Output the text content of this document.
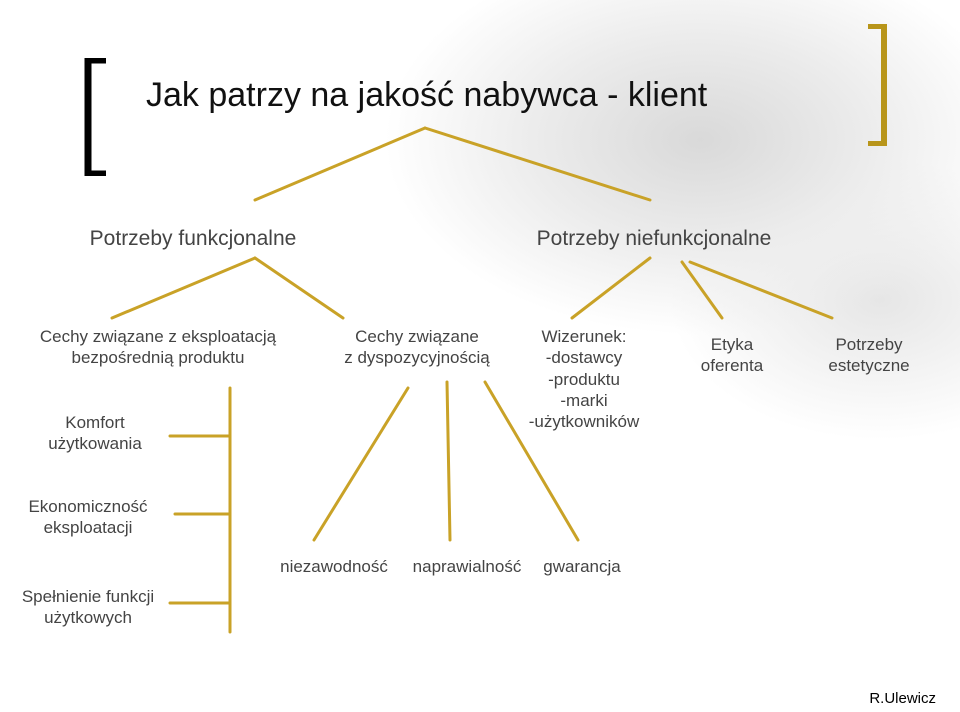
Jak patrzy na jakość nabywca - klient
Potrzeby funkcjonalne	Potrzeby niefunkcjonalne
Cechy związane z eksploatacją
bezpośrednią produktu
Komfort
użytkowania
Ekonomiczność
eksploatacji
Spełnienie funkcji
użytkowych
Cechy związane
z dyspozycyjnością
niezawodność	naprawialność	gwarancja
Wizerunek:
-dostawcy
-produktu
-marki
-użytkowników
Etyka
oferenta
Potrzeby
estetyczne
R.Ulewicz
